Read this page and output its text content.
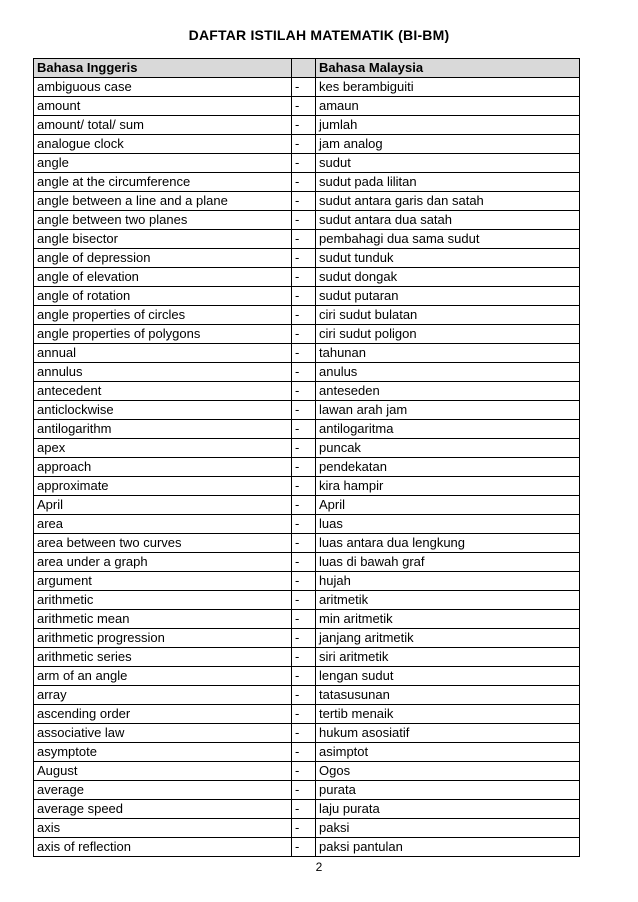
DAFTAR ISTILAH MATEMATIK (BI-BM)
Bahasa Inggeris		Bahasa Malaysia
ambiguous case	-	kes berambiguiti
amount	-	amaun
amount/ total/ sum	-	jumlah
analogue clock	-	jam analog
angle	-	sudut
angle at the circumference	-	sudut pada lilitan
angle between a line and a plane	-	sudut antara garis dan satah
angle between two planes	-	sudut antara dua satah
angle bisector	-	pembahagi dua sama sudut
angle of depression	-	sudut tunduk
angle of elevation	-	sudut dongak
angle of rotation	-	sudut putaran
angle properties of circles	-	ciri sudut bulatan
angle properties of polygons	-	ciri sudut poligon
annual	-	tahunan
annulus	-	anulus
antecedent	-	anteseden
anticlockwise	-	lawan arah jam
antilogarithm	-	antilogaritma
apex	-	puncak
approach	-	pendekatan
approximate	-	kira hampir
April	-	April
area	-	luas
area between two curves	-	luas antara dua lengkung
area under a graph	-	luas di bawah graf
argument	-	hujah
arithmetic	-	aritmetik
arithmetic mean	-	min aritmetik
arithmetic progression	-	janjang aritmetik
arithmetic series	-	siri aritmetik
arm of an angle	-	lengan sudut
array	-	tatasusunan
ascending order	-	tertib menaik
associative law	-	hukum asosiatif
asymptote	-	asimptot
August	-	Ogos
average	-	purata
average speed	-	laju purata
axis	-	paksi
axis of reflection	-	paksi pantulan
2
